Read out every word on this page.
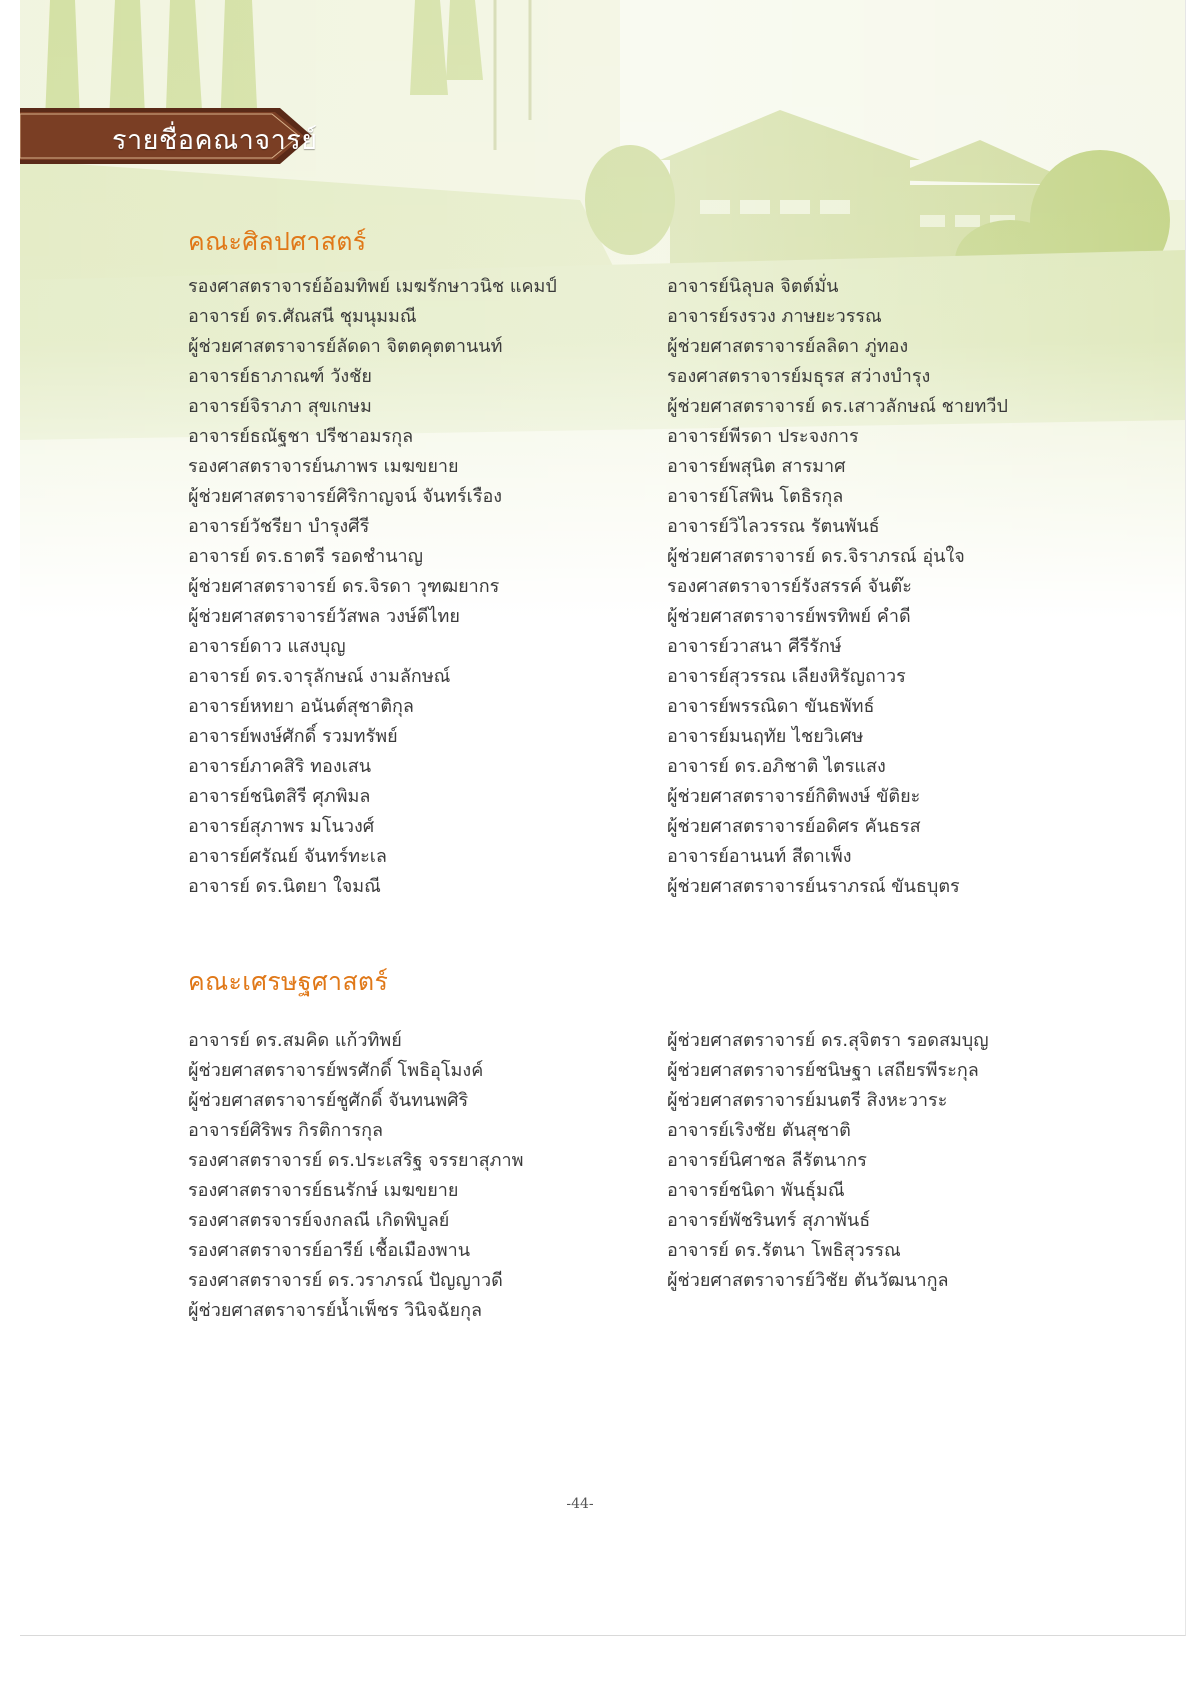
รายชื่อคณาจารย์
คณะศิลปศาสตร์
รองศาสตราจารย์อ้อมทิพย์ เมฆรักษาวนิช แคมป์
อาจารย์ ดร.ศัณสนี ชุมนุมมณี
ผู้ช่วยศาสตราจารย์ลัดดา จิตตคุตตานนท์
อาจารย์ธาภาณฑ์ วังชัย
อาจารย์จิราภา สุขเกษม
อาจารย์ธณัฐชา ปรีชาอมรกุล
รองศาสตราจารย์นภาพร เมฆขยาย
ผู้ช่วยศาสตราจารย์ศิริกาญจน์ จันทร์เรือง
อาจารย์วัชรียา บำรุงศีรี
อาจารย์ ดร.ธาตรี รอดชำนาญ
ผู้ช่วยศาสตราจารย์ ดร.จิรดา วุฑฒยากร
ผู้ช่วยศาสตราจารย์วัสพล วงษ์ดีไทย
อาจารย์ดาว แสงบุญ
อาจารย์ ดร.จารุลักษณ์ งามลักษณ์
อาจารย์หทยา อนันต์สุชาติกุล
อาจารย์พงษ์ศักดิ์ รวมทรัพย์
อาจารย์ภาคสิริ ทองเสน
อาจารย์ชนิตสิรี ศุภพิมล
อาจารย์สุภาพร มโนวงศ์
อาจารย์ศรัณย์ จันทร์ทะเล
อาจารย์ ดร.นิตยา ใจมณี
อาจารย์นิลุบล จิตต์มั่น
อาจารย์รงรวง ภาษยะวรรณ
ผู้ช่วยศาสตราจารย์ลลิดา ภู่ทอง
รองศาสตราจารย์มธุรส สว่างบำรุง
ผู้ช่วยศาสตราจารย์ ดร.เสาวลักษณ์ ชายทวีป
อาจารย์พีรดา ประจงการ
อาจารย์พสุนิต สารมาศ
อาจารย์โสพิน โตธิรกุล
อาจารย์วิไลวรรณ รัตนพันธ์
ผู้ช่วยศาสตราจารย์ ดร.จิราภรณ์ อุ่นใจ
รองศาสตราจารย์รังสรรค์ จันต๊ะ
ผู้ช่วยศาสตราจารย์พรทิพย์ คำดี
อาจารย์วาสนา ศีรีรักษ์
อาจารย์สุวรรณ เลียงหิรัญถาวร
อาจารย์พรรณิดา ขันธพัทธ์
อาจารย์มนฤทัย ไชยวิเศษ
อาจารย์ ดร.อภิชาติ ไตรแสง
ผู้ช่วยศาสตราจารย์กิติพงษ์ ขัติยะ
ผู้ช่วยศาสตราจารย์อดิศร คันธรส
อาจารย์อานนท์ สีดาเพ็ง
ผู้ช่วยศาสตราจารย์นราภรณ์ ขันธบุตร
คณะเศรษฐศาสตร์
อาจารย์ ดร.สมคิด แก้วทิพย์
ผู้ช่วยศาสตราจารย์พรศักดิ์ โพธิอุโมงค์
ผู้ช่วยศาสตราจารย์ชูศักดิ์ จันทนพศิริ
อาจารย์ศิริพร กิรติการกุล
รองศาสตราจารย์ ดร.ประเสริฐ จรรยาสุภาพ
รองศาสตราจารย์ธนรักษ์ เมฆขยาย
รองศาสตรจารย์จงกลณี เกิดพิบูลย์
รองศาสตราจารย์อารีย์ เชื้อเมืองพาน
รองศาสตราจารย์ ดร.วราภรณ์ ปัญญาวดี
ผู้ช่วยศาสตราจารย์น้ำเพ็ชร วินิจฉัยกุล
ผู้ช่วยศาสตราจารย์ ดร.สุจิตรา รอดสมบุญ
ผู้ช่วยศาสตราจารย์ชนิษฐา เสถียรพีระกุล
ผู้ช่วยศาสตราจารย์มนตรี สิงหะวาระ
อาจารย์เริงชัย ตันสุชาติ
อาจารย์นิศาชล ลีรัตนากร
อาจารย์ชนิดา พันธุ์มณี
อาจารย์พัชรินทร์ สุภาพันธ์
อาจารย์ ดร.รัตนา โพธิสุวรรณ
ผู้ช่วยศาสตราจารย์วิชัย ตันวัฒนากูล
-44-
